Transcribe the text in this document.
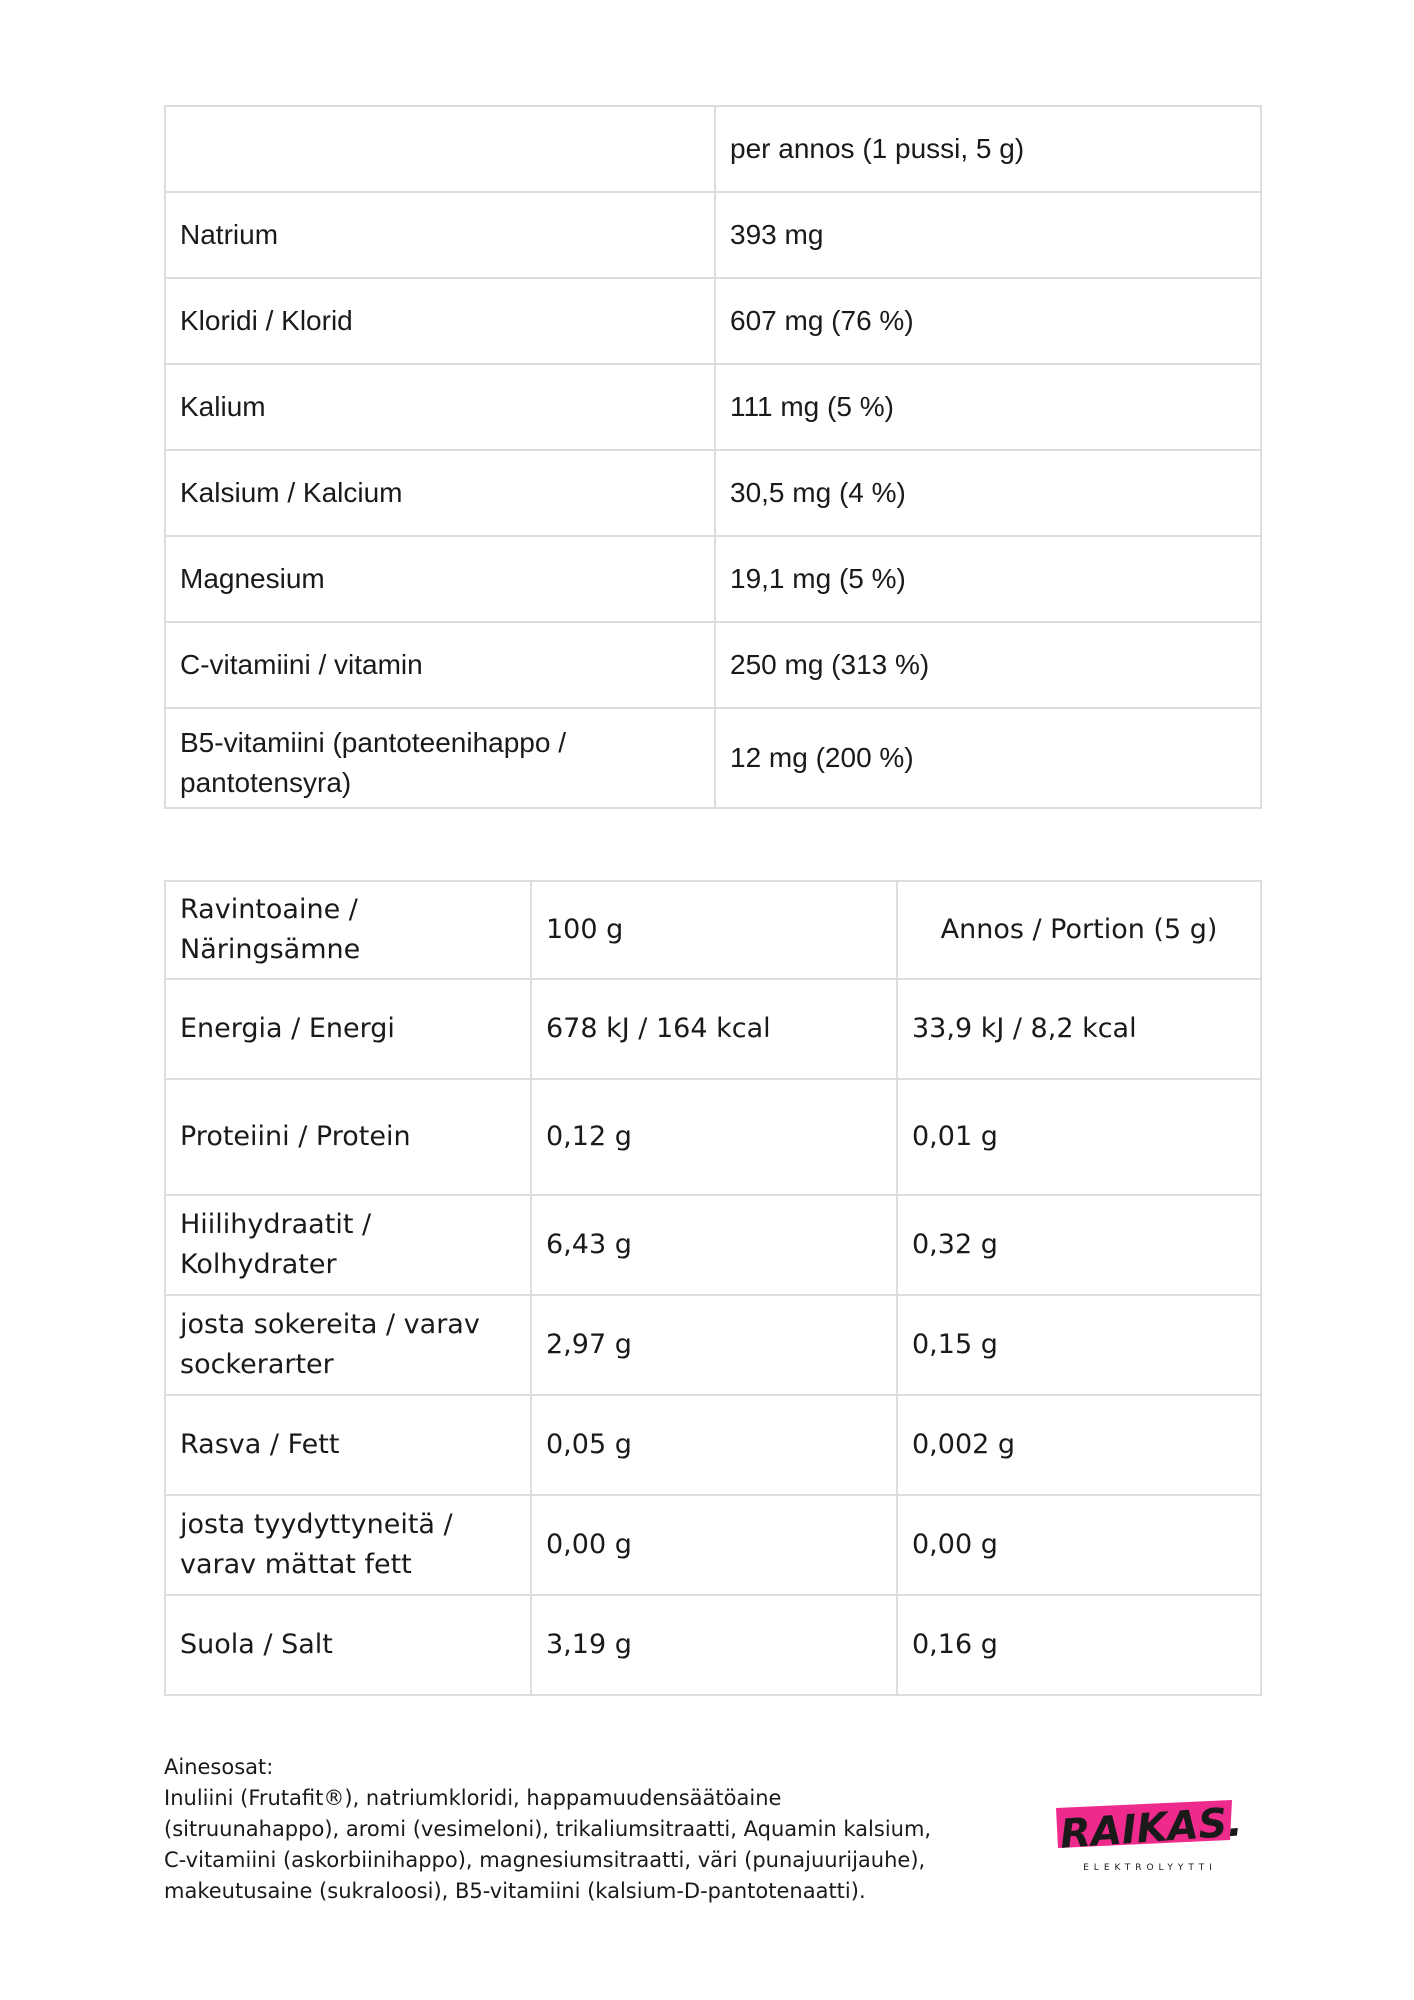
	per annos (1 pussi, 5 g)
Natrium	393 mg
Kloridi / Klorid	607 mg (76 %)
Kalium	111 mg (5 %)
Kalsium / Kalcium	30,5 mg (4 %)
Magnesium	19,1 mg (5 %)
C-vitamiini / vitamin	250 mg (313 %)
B5-vitamiini (pantoteenihappo / pantotensyra)	12 mg (200 %)
Ravintoaine / Näringsämne	100 g	Annos / Portion (5 g)
Energia / Energi	678 kJ / 164 kcal	33,9 kJ / 8,2 kcal
Proteiini / Protein	0,12 g	0,01 g
Hiilihydraatit / Kolhydrater	6,43 g	0,32 g
josta sokereita / varav sockerarter	2,97 g	0,15 g
Rasva / Fett	0,05 g	0,002 g
josta tyydyttyneitä / varav mättat fett	0,00 g	0,00 g
Suola / Salt	3,19 g	0,16 g
Ainesosat:
Inuliini (Frutafit®), natriumkloridi, happamuudensäätöaine (sitruunahappo), aromi (vesimeloni), trikaliumsitraatti, Aquamin kalsium, C-vitamiini (askorbiinihappo), magnesiumsitraatti, väri (punajuurijauhe), makeutusaine (sukraloosi), B5-vitamiini (kalsium-D-pantotenaatti).
RAIKAS.
ELEKTROLYYTTI
